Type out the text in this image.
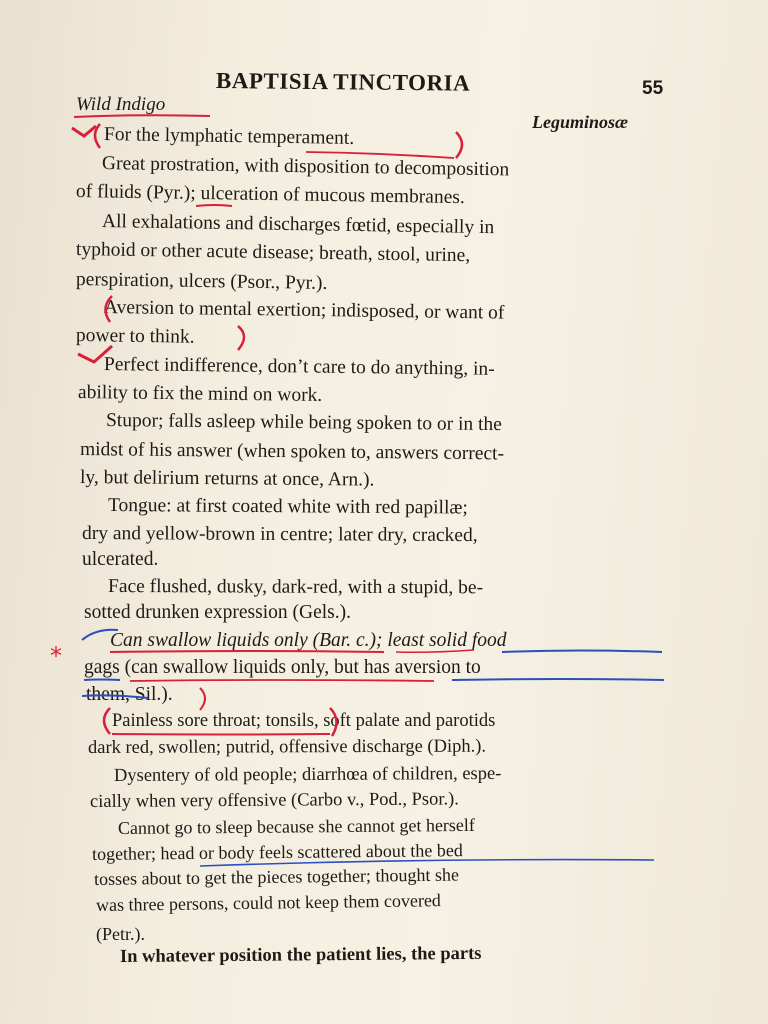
BAPTISIA TINCTORIA	55
Wild Indigo
Leguminosæ
For the lymphatic temperament.
Great prostration, with disposition to decomposition
of fluids (Pyr.); ulceration of mucous membranes.
All exhalations and discharges fœtid, especially in
typhoid or other acute disease; breath, stool, urine,
perspiration, ulcers (Psor., Pyr.).
Aversion to mental exertion; indisposed, or want of
power to think.
Perfect indifference, don’t care to do anything, in-
ability to fix the mind on work.
Stupor; falls asleep while being spoken to or in the
midst of his answer (when spoken to, answers correct-
ly, but delirium returns at once, Arn.).
Tongue: at first coated white with red papillæ;
dry and yellow-brown in centre; later dry, cracked,
ulcerated.
Face flushed, dusky, dark-red, with a stupid, be-
sotted drunken expression (Gels.).
Can swallow liquids only (Bar. c.); least solid food
gags (can swallow liquids only, but has aversion to
them, Sil.).
Painless sore throat; tonsils, soft palate and parotids
dark red, swollen; putrid, offensive discharge (Diph.).
Dysentery of old people; diarrhœa of children, espe-
cially when very offensive (Carbo v., Pod., Psor.).
Cannot go to sleep because she cannot get herself
together; head or body feels scattered about the bed
tosses about to get the pieces together; thought she
was three persons, could not keep them covered
(Petr.).
In whatever position the patient lies, the parts
*
